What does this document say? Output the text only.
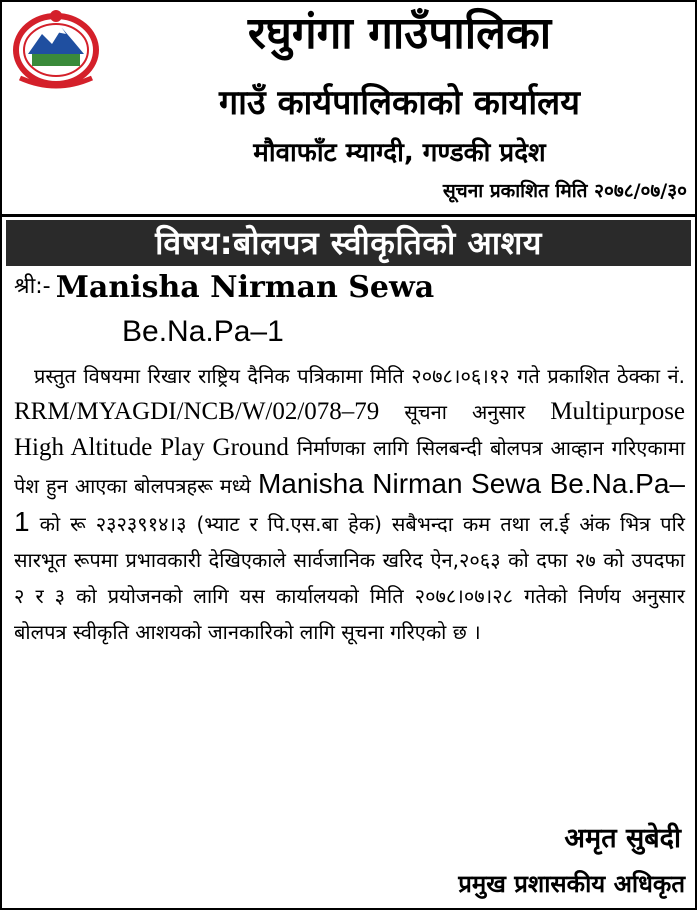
रघुगंगा गाउँपालिका
गाउँ कार्यपालिकाको कार्यालय
मौवाफाँट म्याग्दी, गण्डकी प्रदेश
सूचना प्रकाशित मिति २०७८/०७/३०
विषय:बोलपत्र स्वीकृतिको आशय
श्री:- Manisha Nirman Sewa
Be.Na.Pa–1
प्रस्तुत विषयमा रिखार राष्ट्रिय दैनिक पत्रिकामा मिति २०७८।०६।१२ गते प्रकाशित ठेक्का नं. RRM/MYAGDI/NCB/W/02/078–79 सूचना अनुसार Multipurpose High Altitude Play Ground निर्माणका लागि सिलबन्दी बोलपत्र आव्हान गरिएकामा पेश हुन आएका बोलपत्रहरू मध्ये Manisha Nirman Sewa Be.Na.Pa–1 को रू २३२३९१४।३ (भ्याट र पि.एस.बा हेक) सबैभन्दा कम तथा ल.ई अंक भित्र परि सारभूत रूपमा प्रभावकारी देखिएकाले सार्वजानिक खरिद ऐन,२०६३ को दफा २७ को उपदफा २ र ३ को प्रयोजनको लागि यस कार्यालयको मिति २०७८।०७।२८ गतेको निर्णय अनुसार बोलपत्र स्वीकृति आशयको जानकारिको लागि सूचना गरिएको छ ।
अमृत सुबेदी
प्रमुख प्रशासकीय अधिकृत
